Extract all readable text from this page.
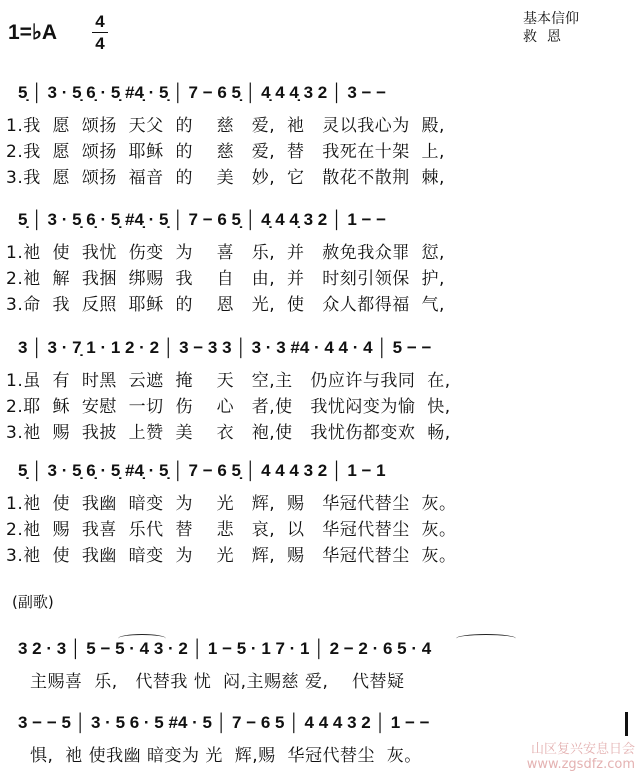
1=♭A 4
4
基本信仰
救恩
5̣ │ 3 · 5̣ 6̣ · 5̣ #4̣ · 5̣ │ 7 − 6 5̣ │ 4̣ 4 4̣ 3 2 │ 3 − −
1.我  愿  颂扬  天父  的    慈   爱,  祂   灵以我心为  殿,
2.我  愿  颂扬  耶稣  的    慈   爱,  替   我死在十架  上,
3.我  愿  颂扬  福音  的    美   妙,  它   散花不散荆  棘,
5̣ │ 3 · 5̣ 6̣ · 5̣ #4̣ · 5̣ │ 7 − 6 5̣ │ 4̣ 4 4̣ 3 2 │ 1 − −
1.祂  使  我忧  伤变  为    喜   乐,  并   赦免我众罪  愆,
2.祂  解  我捆  绑赐  我    自   由,  并   时刻引领保  护,
3.命  我  反照  耶稣  的    恩   光,  使   众人都得福  气,
3 │ 3 · 7̣ 1 · 1 2 · 2 │ 3 − 3 3 │ 3 · 3 #4 · 4 4 · 4 │ 5 − −
1.虽  有  时黑  云遮  掩    天   空,主   仍应许与我同  在,
2.耶  稣  安慰  一切  伤    心   者,使   我忧闷变为愉  快,
3.祂  赐  我披  上赞  美    衣   袍,使   我忧伤都变欢  畅,
5̣ │ 3 · 5̣ 6̣ · 5̣ #4̣ · 5̣ │ 7 − 6 5̣ │ 4 4 4 3 2 │ 1 − 1
1.祂  使  我幽  暗变  为    光   辉,  赐   华冠代替尘  灰。
2.祂  赐  我喜  乐代  替    悲   哀,  以   华冠代替尘  灰。
3.祂  使  我幽  暗变  为    光   辉,  赐   华冠代替尘  灰。
(副歌)
3 2 · 3 │ 5 − 5 · 4 3 · 2 │ 1 − 5 · 1 7 · 1 │ 2 − 2 · 6 5 · 4
主赐喜  乐,   代替我 忧  闷,主赐慈 爱,    代替疑
3 − − 5 │ 3 · 5 6 · 5 #4 · 5 │ 7 − 6 5 │ 4 4 4 3 2 │ 1 − −
惧,  祂 使我幽 暗变为 光  辉,赐  华冠代替尘  灰。	山区复兴安息日会
www.zgsdfz.com
